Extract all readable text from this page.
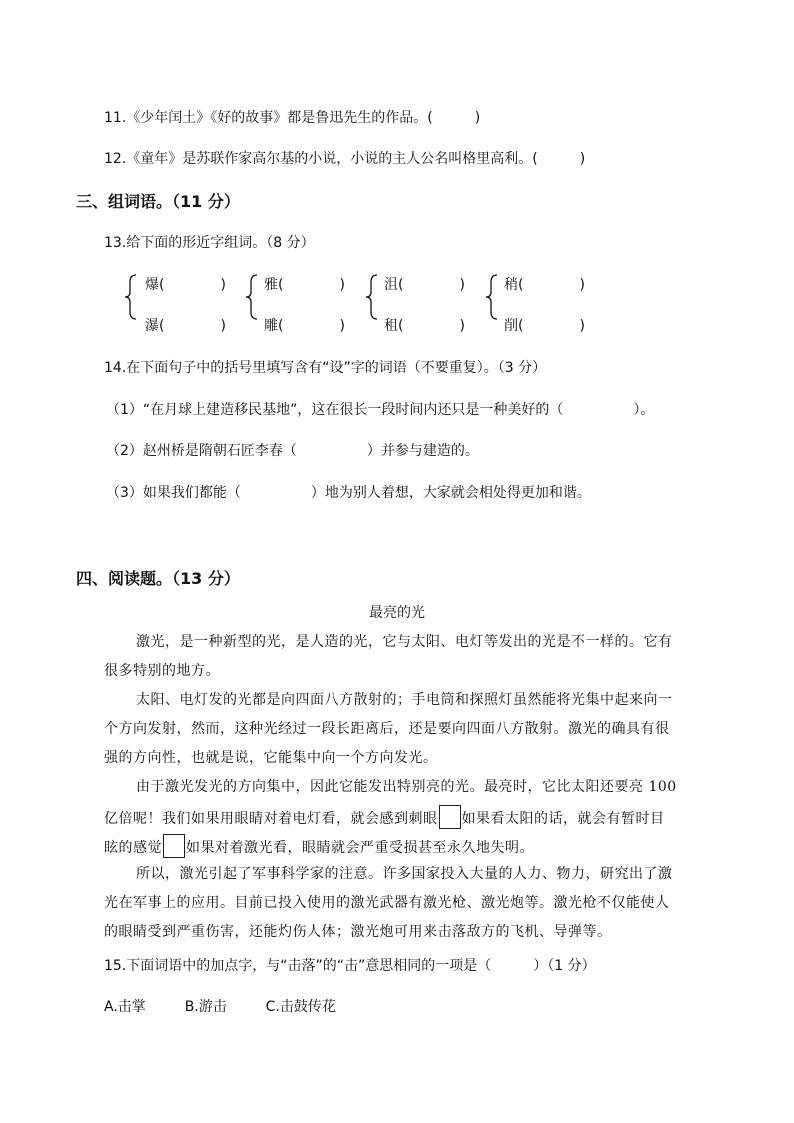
11.《少年闰土》《好的故事》都是鲁迅先生的作品。(　　　)
12.《童年》是苏联作家高尔基的小说，小说的主人公名叫格里高利。(　　　)
三、组词语。（11 分）
13.给下面的形近字组词。（8 分）
爆(　　　　)
瀑(　　　　)
雅(　　　　)
雕(　　　　)
沮(　　　　)
租(　　　　)
稍(　　　　)
削(　　　　)
14.在下面句子中的括号里填写含有“设”字的词语（不要重复）。（3 分）
（1）“在月球上建造移民基地”，这在很长一段时间内还只是一种美好的（　　　　　）。
（2）赵州桥是隋朝石匠李春（　　　　　）并参与建造的。
（3）如果我们都能（　　　　　）地为别人着想，大家就会相处得更加和谐。
四、阅读题。（13 分）
最亮的光
激光，是一种新型的光，是人造的光，它与太阳、电灯等发出的光是不一样的。它有
很多特别的地方。
太阳、电灯发的光都是向四面八方散射的；手电筒和探照灯虽然能将光集中起来向一
个方向发射，然而，这种光经过一段长距离后，还是要向四面八方散射。激光的确具有很
强的方向性，也就是说，它能集中向一个方向发光。
由于激光发光的方向集中，因此它能发出特别亮的光。最亮时，它比太阳还要亮 100
亿倍呢！我们如果用眼睛对着电灯看，就会感到刺眼 如果看太阳的话，就会有暂时目
眩的感觉 如果对着激光看，眼睛就会严重受损甚至永久地失明。
所以，激光引起了军事科学家的注意。许多国家投入大量的人力、物力，研究出了激
光在军事上的应用。目前已投入使用的激光武器有激光枪、激光炮等。激光枪不仅能使人
的眼睛受到严重伤害，还能灼伤人体；激光炮可用来击落敌方的飞机、导弹等。
15.下面词语中的加点字，与“击落”的“击”意思相同的一项是（　　　）（1 分）
A.击掌	B.游击	C.击鼓传花
